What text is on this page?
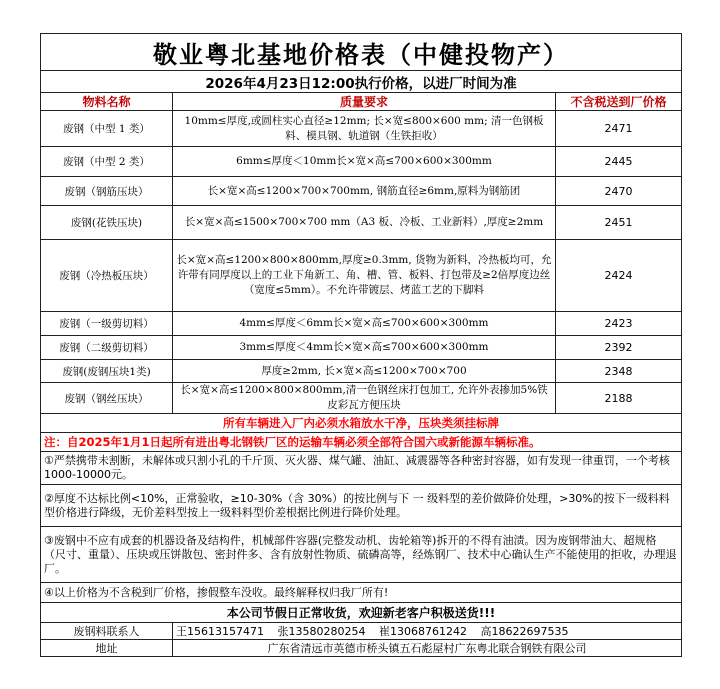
敬业粤北基地价格表（中健投物产）		
2026年4月23日12:00执行价格，以进厂时间为准		
物料名称	质量要求	不含税送到厂价格
废钢（中型 1 类）	10mm≤厚度,或圆柱实心直径≥12mm; 长×宽≤800×600 mm; 清一色钢板料、模具钢、轨道钢（生铁拒收）	2471
废钢（中型 2 类）	6mm≤厚度＜10mm长×宽×高≤700×600×300mm	2445
废钢（钢筋压块）	长×宽×高≤1200×700×700mm, 钢筋直径≥6mm,原料为钢筋团	2470
废钢(花铁压块)	长×宽×高≤1500×700×700 mm（A3 板、冷板、工业新料）,厚度≥2mm	2451
废钢（冷热板压块）	长×宽×高≤1200×800×800mm,厚度≥0.3mm, 货物为新料，冷热板均可，允许带有同厚度以上的工业下角新工、角、槽、管、板料、打包带及≥2倍厚度边丝（宽度≤5mm）。不允许带镀层、烤蓝工艺的下脚料	2424
废钢（一级剪切料）	4mm≤厚度＜6mm长×宽×高≤700×600×300mm	2423
废钢（二级剪切料）	3mm≤厚度＜4mm长×宽×高≤700×600×300mm	2392
废钢(废钢压块1类)	厚度≥2mm, 长×宽×高≤1200×700×700	2348
废钢（钢丝压块）	长×宽×高≤1200×800×800mm,清一色钢丝床打包加工, 允许外表掺加5%铁皮彩瓦方便压块	2188
所有车辆进入厂内必须水箱放水干净，压块类须挂标牌		
注：自2025年1月1日起所有进出粤北钢铁厂区的运输车辆必须全部符合国六或新能源车辆标准。		
①严禁携带未割断，未解体或只割小孔的千斤顶、灭火器、煤气罐、油缸、减震器等各种密封容器，如有发现一律重罚，一个考核1000-10000元。		
②厚度不达标比例<10%，正常验收，≥10-30%（含 30%）的按比例与下 一 级料型的差价做降价处理，>30%的按下一级料料型价格进行降级，无价差料型按上一级料料型价差根据比例进行降价处理。		
③废钢中不应有成套的机器设备及结构件，机械部件容器(完整发动机、齿轮箱等)拆开的不得有油渍。因为废钢带油大、超规格（尺寸、重量）、压块或压饼散包、密封件多、含有放射性物质、硫磷高等，经炼钢厂、技术中心确认生产不能使用的拒收，办理退厂。		
④以上价格为不含税到厂价格，掺假整车没收。最终解释权归我厂所有!		
本公司节假日正常收货，欢迎新老客户积极送货!!!		
废钢料联系人	王15613157471 张13580280254 崔13068761242 高18622697535	
地址	广东省清远市英德市桥头镇五石彪屋村广东粤北联合钢铁有限公司	
